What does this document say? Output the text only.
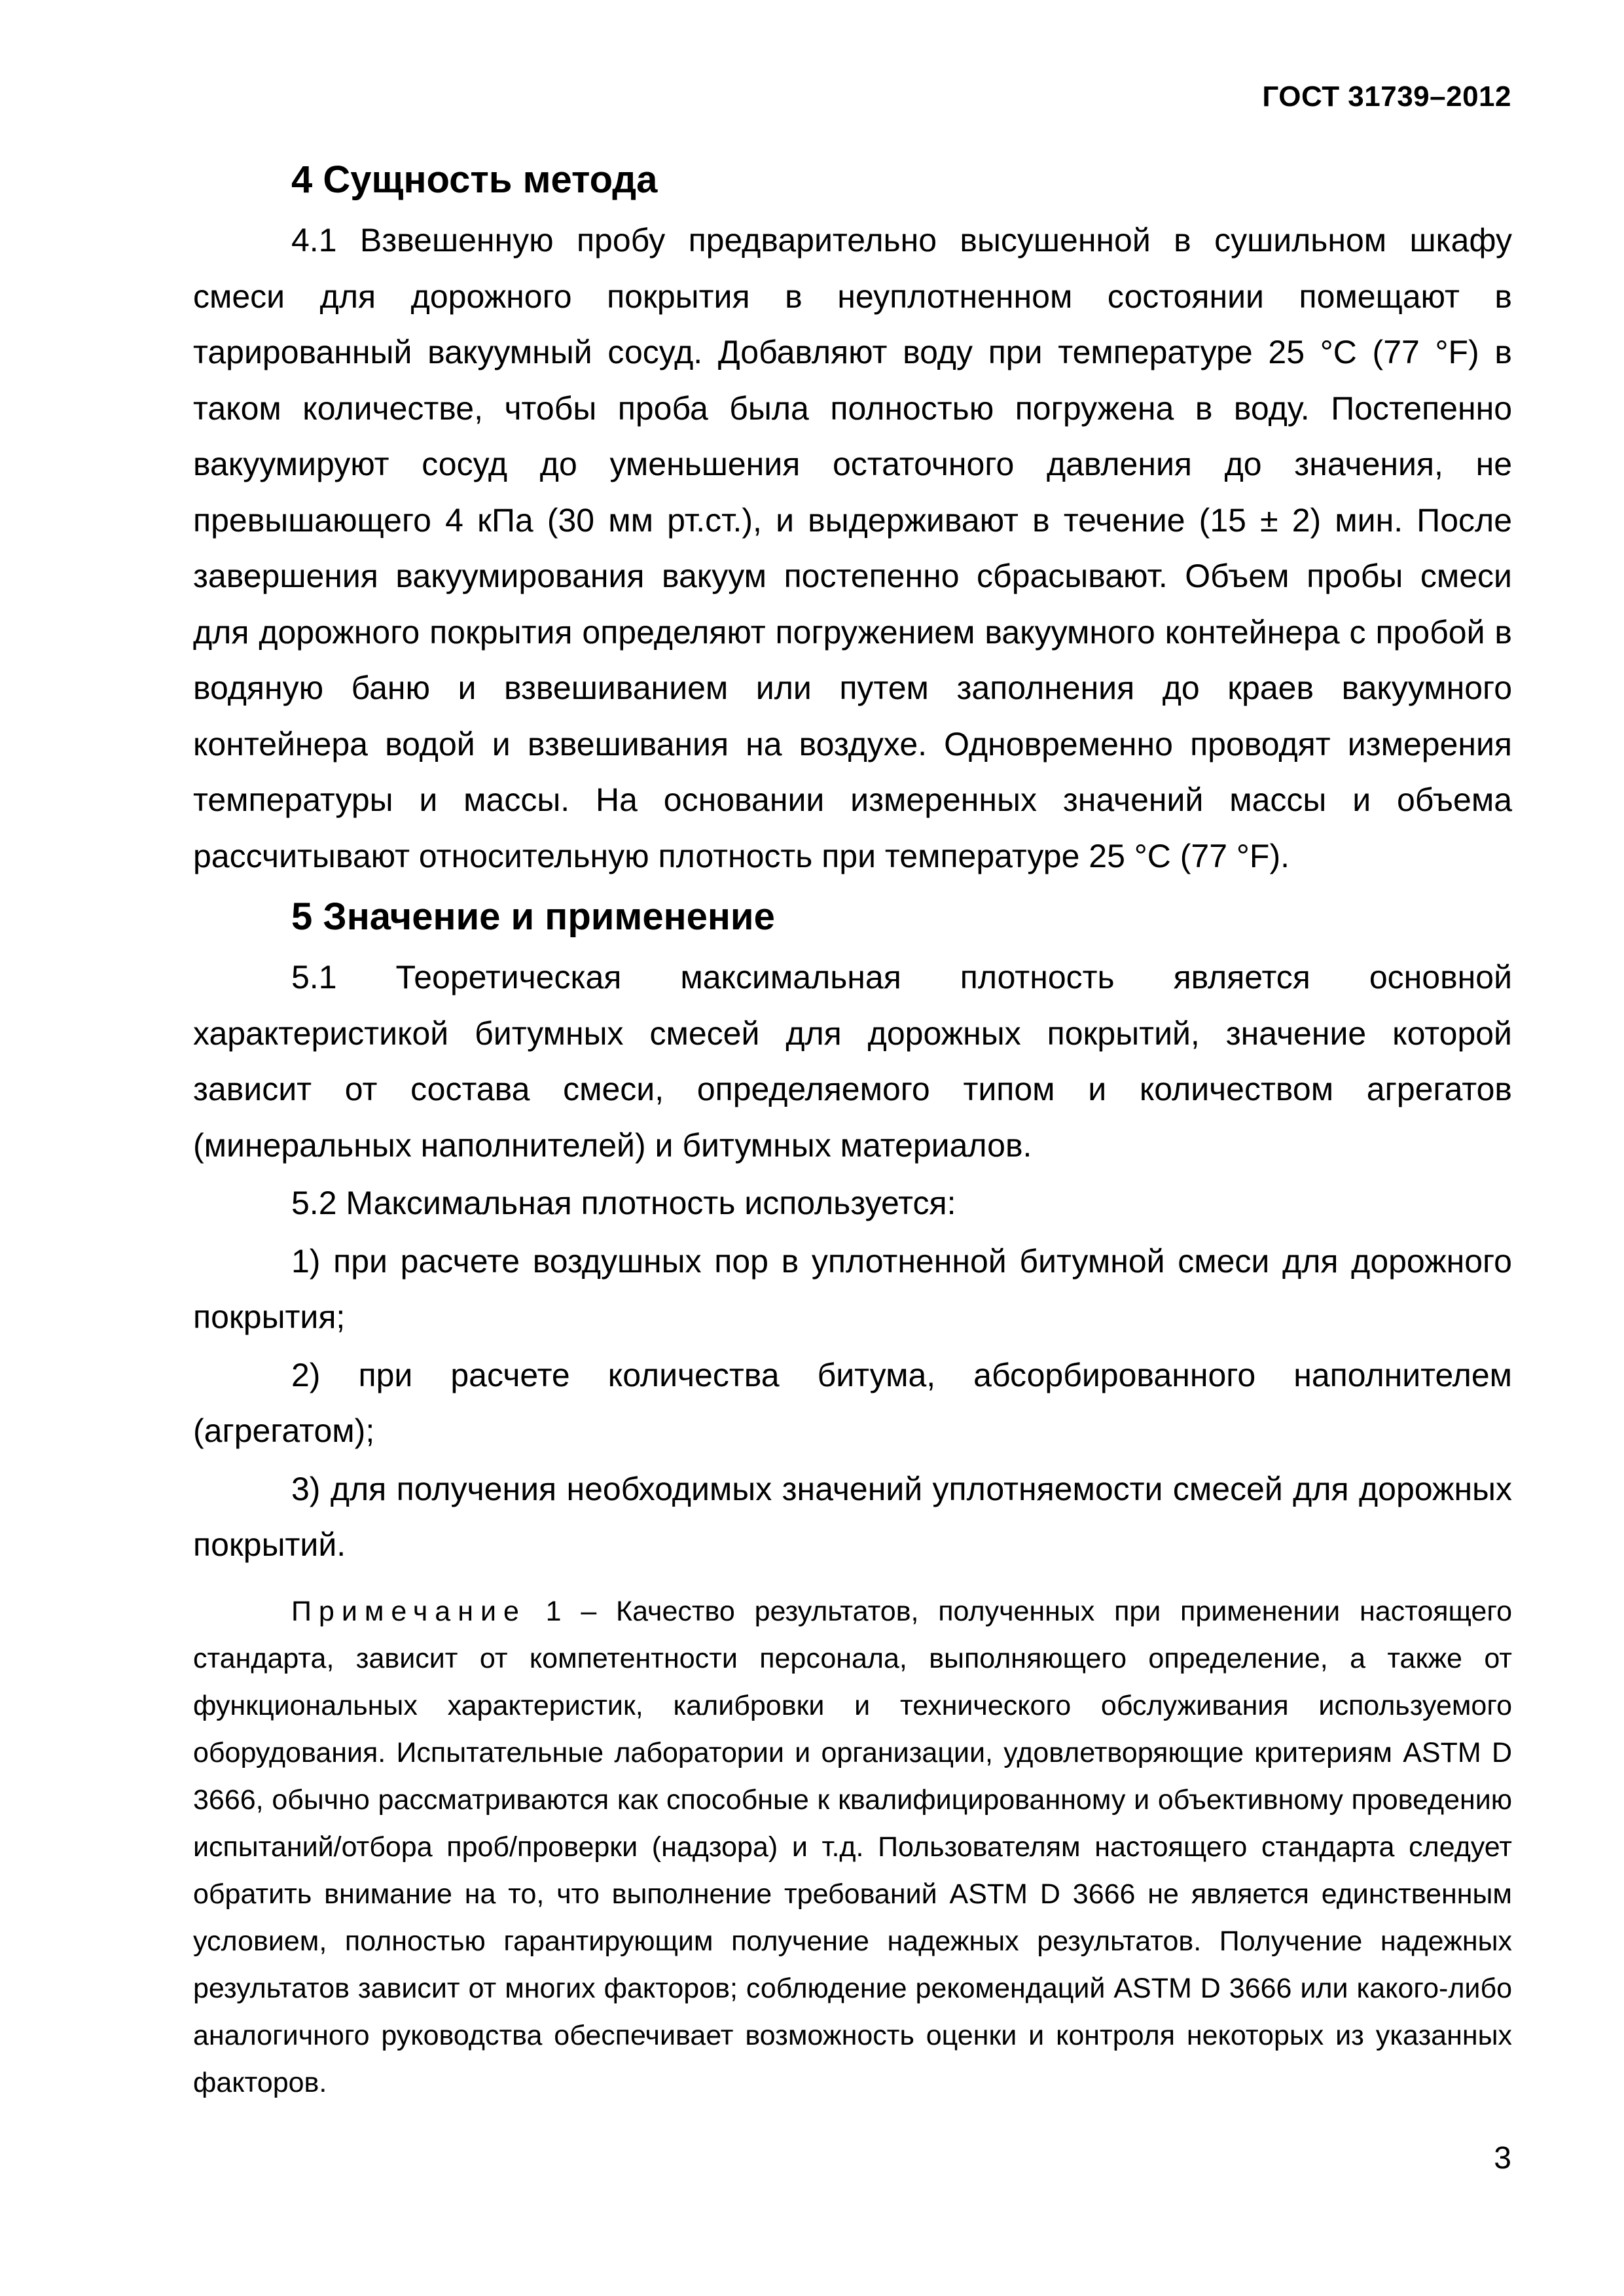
ГОСТ 31739–2012
4 Сущность метода

4.1 Взвешенную пробу предварительно высушенной в сушильном шкафу смеси для дорожного покрытия в неуплотненном состоянии помещают в тарированный вакуумный сосуд. Добавляют воду при температуре 25 °С (77 °F) в таком количестве, чтобы проба была полностью погружена в воду. Постепенно вакуумируют сосуд до уменьшения остаточного давления до значения, не превышающего 4 кПа (30 мм рт.ст.), и выдерживают в течение (15 ± 2) мин. После завершения вакуумирования вакуум постепенно сбрасывают. Объем пробы смеси для дорожного покрытия определяют погружением вакуумного контейнера с пробой в водяную баню и взвешиванием или путем заполнения до краев вакуумного контейнера водой и взвешивания на воздухе. Одновременно проводят измерения температуры и массы. На основании измеренных значений массы и объема рассчитывают относительную плотность при температуре 25 °С (77 °F).

5 Значение и применение

5.1 Теоретическая максимальная плотность является основной характеристикой битумных смесей для дорожных покрытий, значение которой зависит от состава смеси, определяемого типом и количеством агрегатов (минеральных наполнителей) и битумных материалов.

5.2 Максимальная плотность используется:

1) при расчете воздушных пор в уплотненной битумной смеси для дорожного покрытия;

2) при расчете количества битума, абсорбированного наполнителем (агрегатом);

3) для получения необходимых значений уплотняемости смесей для дорожных покрытий.

Примечание 1 – Качество результатов, полученных при применении настоящего стандарта, зависит от компетентности персонала, выполняющего определение, а также от функциональных характеристик, калибровки и технического обслуживания используемого оборудования. Испытательные лаборатории и организации, удовлетворяющие критериям ASTM D 3666, обычно рассматриваются как способные к квалифицированному и объективному проведению испытаний/отбора проб/проверки (надзора) и т.д. Пользователям настоящего стандарта следует обратить внимание на то, что выполнение требований ASTM D 3666 не является единственным условием, полностью гарантирующим получение надежных результатов. Получение надежных результатов зависит от многих факторов; соблюдение рекомендаций ASTM D 3666 или какого-либо аналогичного руководства обеспечивает возможность оценки и контроля некоторых из указанных факторов.

3
